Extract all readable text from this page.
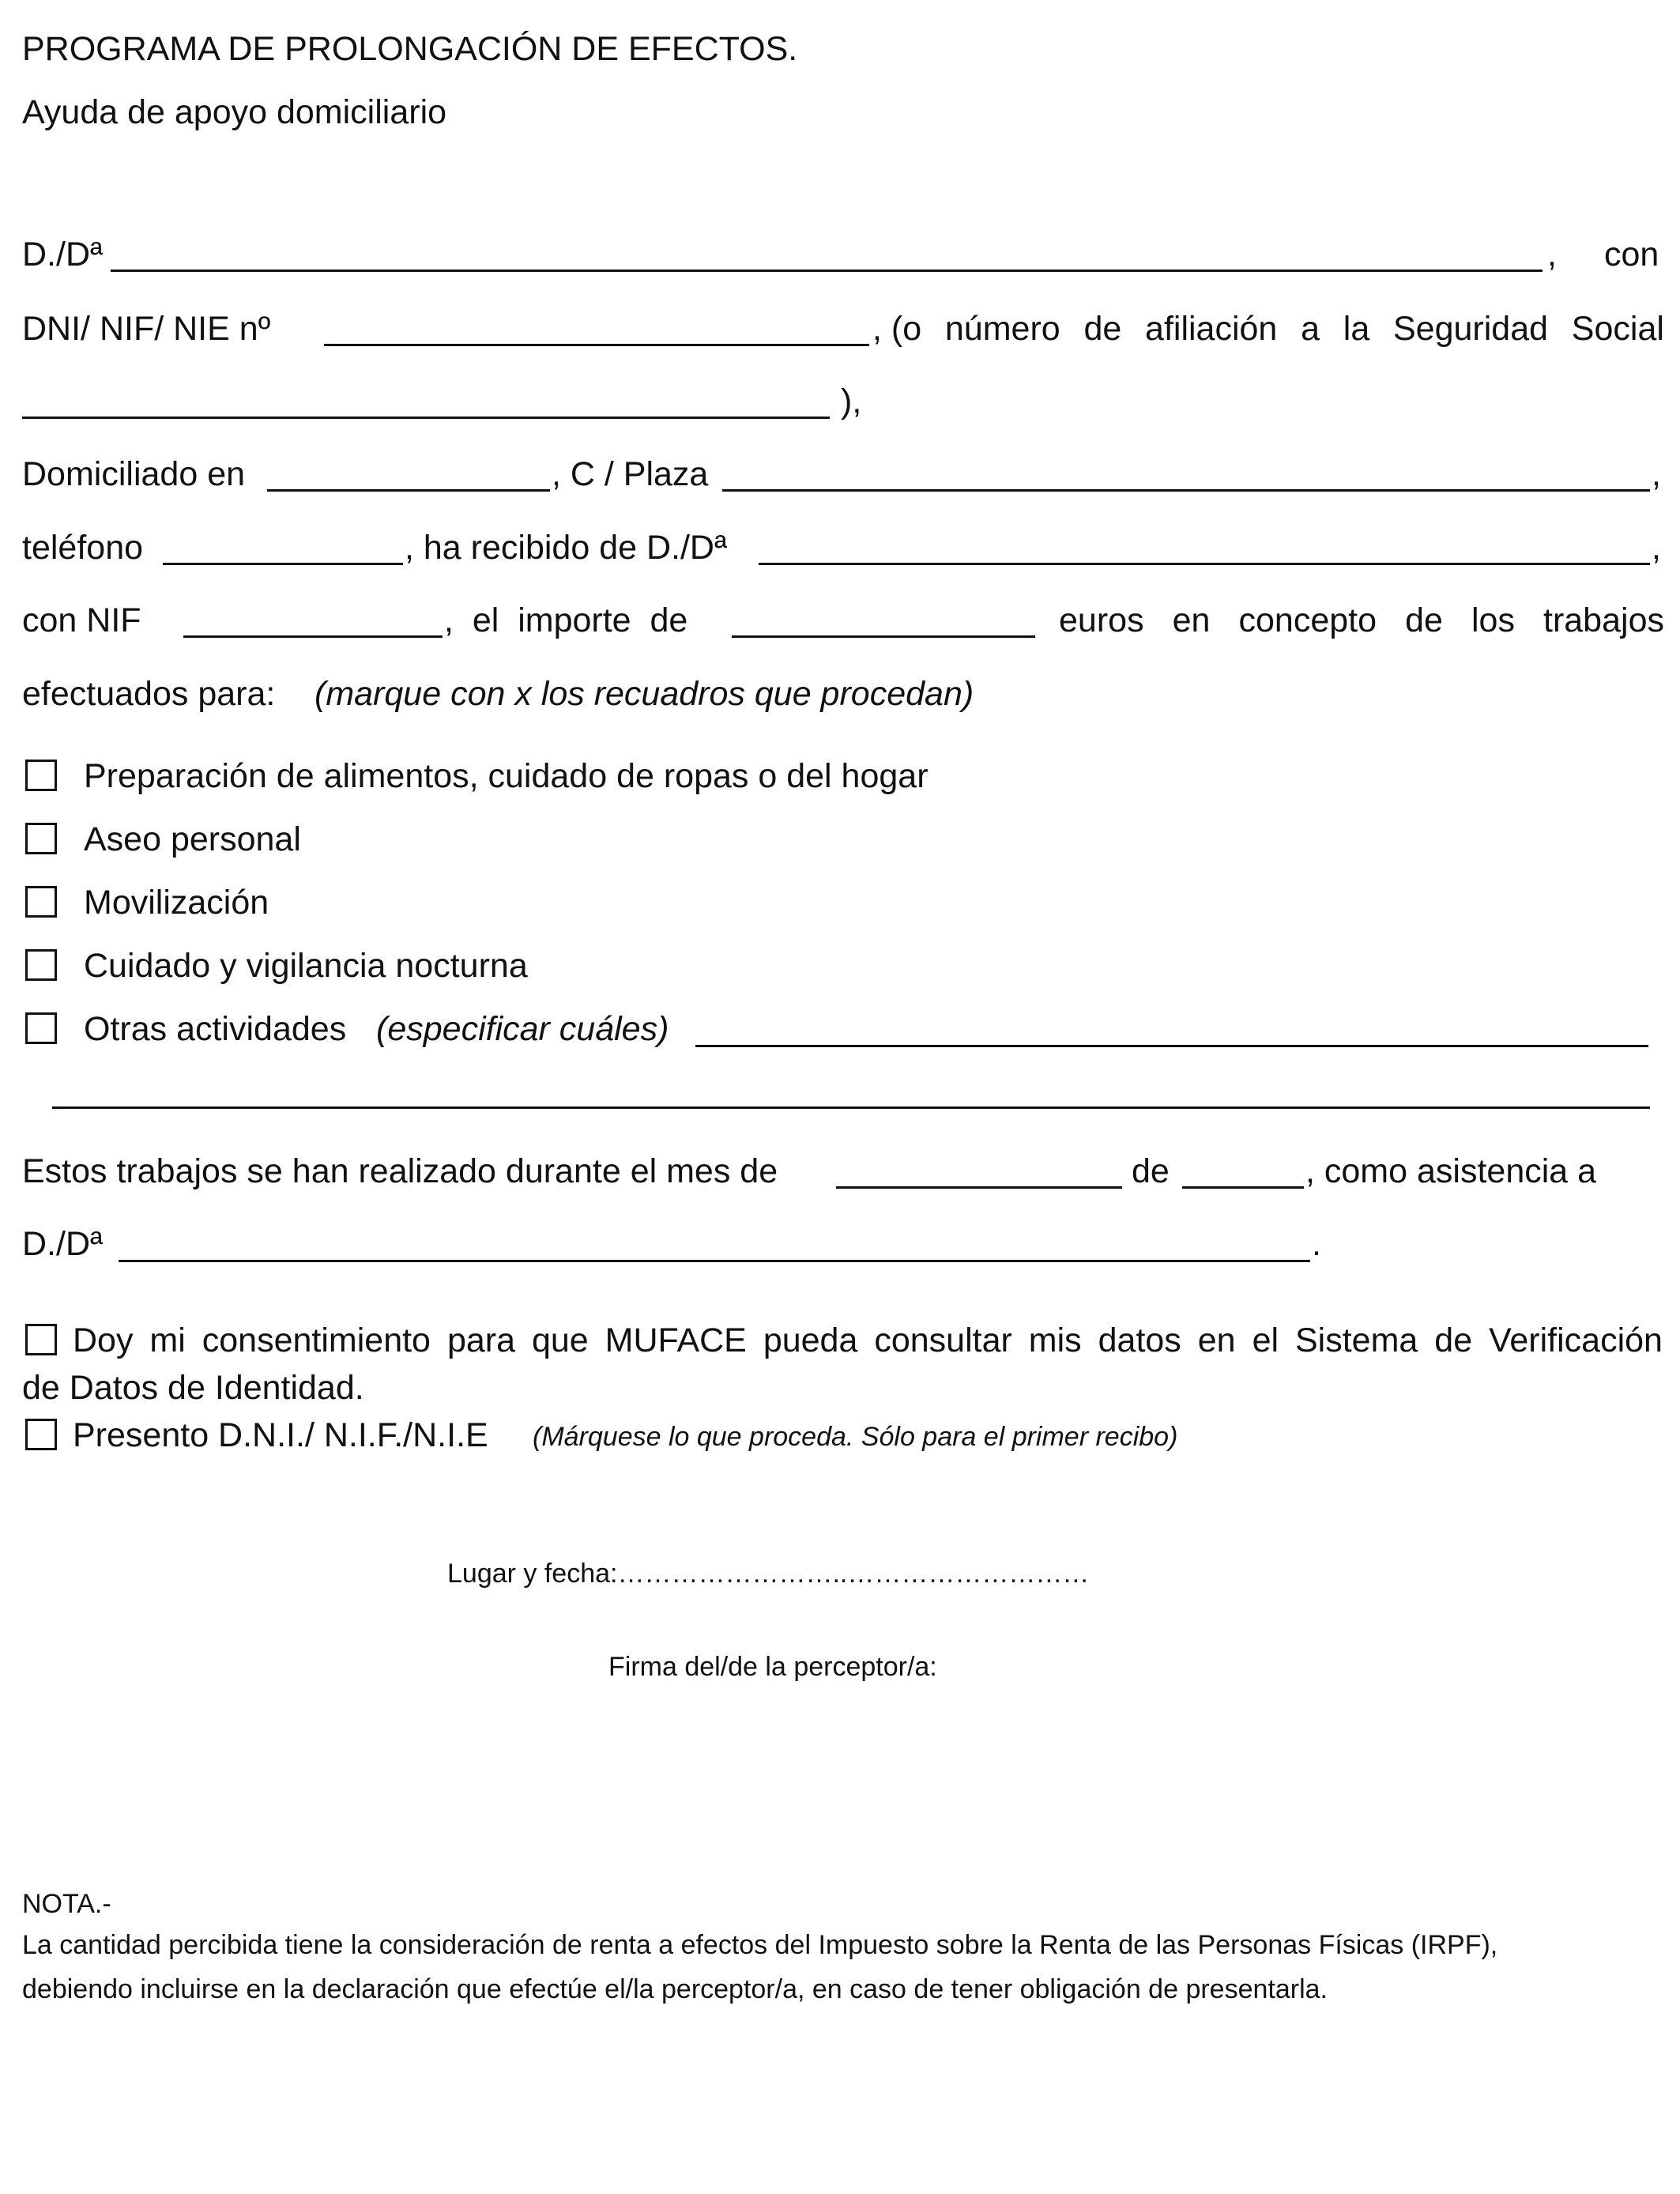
PROGRAMA DE PROLONGACIÓN DE EFECTOS.
Ayuda de apoyo domiciliario
D./Dª	, con
DNI/ NIF/ NIE nº	, (o número de afiliación a la Seguridad Social
),
Domiciliado en	, C / Plaza	,
teléfono	, ha recibido de D./Dª	,
con NIF	,  el  importe  de	euros en concepto de los trabajos
efectuados para: (marque con x los recuadros que procedan)
Preparación de alimentos, cuidado de ropas o del hogar
Aseo personal
Movilización
Cuidado y vigilancia nocturna
Otras actividades (especificar cuáles)
Estos trabajos se han realizado durante el mes de	de	, como asistencia a
D./Dª	.
Doy mi consentimiento para que MUFACE pueda consultar mis datos en el Sistema de Verificación
de Datos de Identidad.
Presento D.N.I./ N.I.F./N.I.E (Márquese lo que proceda. Sólo para el primer recibo)
Lugar y fecha:……………………..………………………
Firma del/de la perceptor/a:
NOTA.-
La cantidad percibida tiene la consideración de renta a efectos del Impuesto sobre la Renta de las Personas Físicas (IRPF),
debiendo incluirse en la declaración que efectúe el/la perceptor/a, en caso de tener obligación de presentarla.
